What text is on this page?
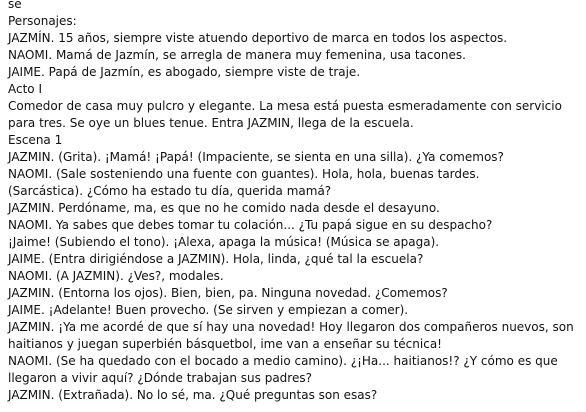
se

Personajes:

JAZMÍN. 15 años, siempre viste atuendo deportivo de marca en todos los aspectos.

NAOMI. Mamá de Jazmín, se arregla de manera muy femenina, usa tacones.

JAIME. Papá de Jazmín, es abogado, siempre viste de traje.

Acto I

Comedor de casa muy pulcro y elegante. La mesa está puesta esmeradamente con servicio

para tres. Se oye un blues tenue. Entra JAZMIN, llega de la escuela.

Escena 1

JAZMIN. (Grita). ¡Mamá! ¡Papá! (Impaciente, se sienta en una silla). ¿Ya comemos?

NAOMI. (Sale sosteniendo una fuente con guantes). Hola, hola, buenas tardes.

(Sarcástica). ¿Cómo ha estado tu día, querida mamá?

JAZMIN. Perdóname, ma, es que no he comido nada desde el desayuno.

NAOMI. Ya sabes que debes tomar tu colación... ¿Tu papá sigue en su despacho?

¡Jaime! (Subiendo el tono). ¡Alexa, apaga la música! (Música se apaga).

JAIME. (Entra dirigiéndose a JAZMIN). Hola, linda, ¿qué tal la escuela?

NAOMI. (A JAZMIN). ¿Ves?, modales.

JAZMIN. (Entorna los ojos). Bien, bien, pa. Ninguna novedad. ¿Comemos?

JAIME. ¡Adelante! Buen provecho. (Se sirven y empiezan a comer).

JAZMIN. ¡Ya me acordé de que sí hay una novedad! Hoy llegaron dos compañeros nuevos, son

haitianos y juegan superbién básquetbol, ime van a enseñar su técnica!

NAOMI. (Se ha quedado con el bocado a medio camino). ¿¡Ha... haitianos!? ¿Y cómo es que

llegaron a vivir aquí? ¿Dónde trabajan sus padres?

JAZMIN. (Extrañada). No lo sé, ma. ¿Qué preguntas son esas?
